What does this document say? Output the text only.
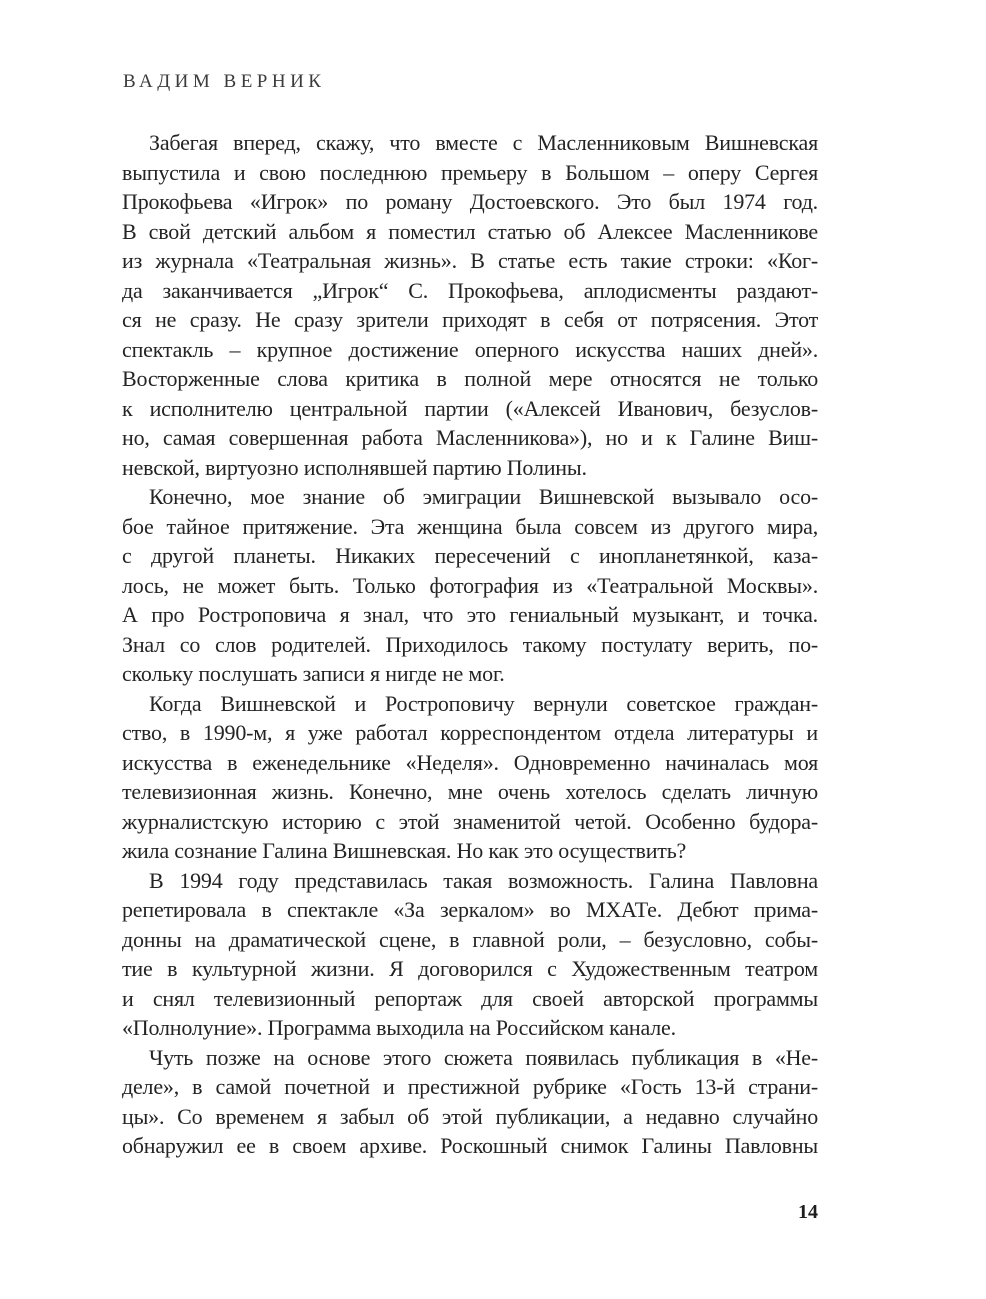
ВАДИМ ВЕРНИК
Забегая вперед, скажу, что вместе с Масленниковым Вишневская
выпустила и свою последнюю премьеру в Большом – оперу Сергея
Прокофьева «Игрок» по роману Достоевского. Это был 1974 год.
В свой детский альбом я поместил статью об Алексее Масленникове
из журнала «Театральная жизнь». В статье есть такие строки: «Ког-
да заканчивается „Игрок“ С. Прокофьева, аплодисменты раздают-
ся не сразу. Не сразу зрители приходят в себя от потрясения. Этот
спектакль – крупное достижение оперного искусства наших дней».
Восторженные слова критика в полной мере относятся не только
к исполнителю центральной партии («Алексей Иванович, безуслов-
но, самая совершенная работа Масленникова»), но и к Галине Виш-
невской, виртуозно исполнявшей партию Полины.
Конечно, мое знание об эмиграции Вишневской вызывало осо-
бое тайное притяжение. Эта женщина была совсем из другого мира,
с другой планеты. Никаких пересечений с инопланетянкой, каза-
лось, не может быть. Только фотография из «Театральной Москвы».
А про Ростроповича я знал, что это гениальный музыкант, и точка.
Знал со слов родителей. Приходилось такому постулату верить, по-
скольку послушать записи я нигде не мог.
Когда Вишневской и Ростроповичу вернули советское граждан-
ство, в 1990-м, я уже работал корреспондентом отдела литературы и
искусства в еженедельнике «Неделя». Одновременно начиналась моя
телевизионная жизнь. Конечно, мне очень хотелось сделать личную
журналистскую историю с этой знаменитой четой. Особенно будора-
жила сознание Галина Вишневская. Но как это осуществить?
В 1994 году представилась такая возможность. Галина Павловна
репетировала в спектакле «За зеркалом» во МХАТе. Дебют прима-
донны на драматической сцене, в главной роли, – безусловно, собы-
тие в культурной жизни. Я договорился с Художественным театром
и снял телевизионный репортаж для своей авторской программы
«Полнолуние». Программа выходила на Российском канале.
Чуть позже на основе этого сюжета появилась публикация в «Не-
деле», в самой почетной и престижной рубрике «Гость 13-й страни-
цы». Со временем я забыл об этой публикации, а недавно случайно
обнаружил ее в своем архиве. Роскошный снимок Галины Павловны
14
